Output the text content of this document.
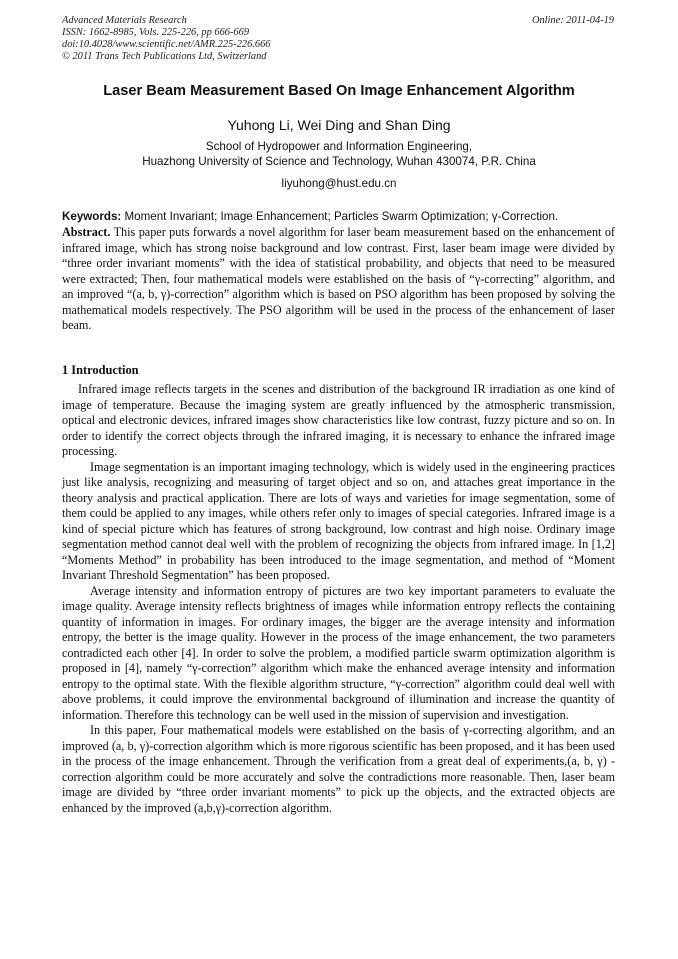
Advanced Materials Research
ISSN: 1662-8985, Vols. 225-226, pp 666-669
doi:10.4028/www.scientific.net/AMR.225-226.666
© 2011 Trans Tech Publications Ltd, Switzerland
Online: 2011-04-19
Laser Beam Measurement Based On Image Enhancement Algorithm
Yuhong Li, Wei Ding and Shan Ding
School of Hydropower and Information Engineering,
Huazhong University of Science and Technology, Wuhan 430074, P.R. China
liyuhong@hust.edu.cn
Keywords: Moment Invariant; Image Enhancement; Particles Swarm Optimization; γ-Correction.

Abstract. This paper puts forwards a novel algorithm for laser beam measurement based on the enhancement of infrared image, which has strong noise background and low contrast. First, laser beam image were divided by “three order invariant moments” with the idea of statistical probability, and objects that need to be measured were extracted; Then, four mathematical models were established on the basis of “γ-correcting” algorithm, and an improved “(a, b, γ)-correction” algorithm which is based on PSO algorithm has been proposed by solving the mathematical models respectively. The PSO algorithm will be used in the process of the enhancement of laser beam.

1 Introduction

Infrared image reflects targets in the scenes and distribution of the background IR irradiation as one kind of image of temperature. Because the imaging system are greatly influenced by the atmospheric transmission, optical and electronic devices, infrared images show characteristics like low contrast, fuzzy picture and so on. In order to identify the correct objects through the infrared imaging, it is necessary to enhance the infrared image processing.

Image segmentation is an important imaging technology, which is widely used in the engineering practices just like analysis, recognizing and measuring of target object and so on, and attaches great importance in the theory analysis and practical application. There are lots of ways and varieties for image segmentation, some of them could be applied to any images, while others refer only to images of special categories. Infrared image is a kind of special picture which has features of strong background, low contrast and high noise. Ordinary image segmentation method cannot deal well with the problem of recognizing the objects from infrared image. In [1,2] “Moments Method” in probability has been introduced to the image segmentation, and method of “Moment Invariant Threshold Segmentation” has been proposed.

Average intensity and information entropy of pictures are two key important parameters to evaluate the image quality. Average intensity reflects brightness of images while information entropy reflects the containing quantity of information in images. For ordinary images, the bigger are the average intensity and information entropy, the better is the image quality. However in the process of the image enhancement, the two parameters contradicted each other [4]. In order to solve the problem, a modified particle swarm optimization algorithm is proposed in [4], namely “γ-correction” algorithm which make the enhanced average intensity and information entropy to the optimal state. With the flexible algorithm structure, “γ-correction” algorithm could deal well with above problems, it could improve the environmental background of illumination and increase the quantity of information. Therefore this technology can be well used in the mission of supervision and investigation.

In this paper, Four mathematical models were established on the basis of γ-correcting algorithm, and an improved (a, b, γ)-correction algorithm which is more rigorous scientific has been proposed, and it has been used in the process of the image enhancement. Through the verification from a great deal of experiments,(a, b, γ) -correction algorithm could be more accurately and solve the contradictions more reasonable. Then, laser beam image are divided by “three order invariant moments” to pick up the objects, and the extracted objects are enhanced by the improved (a,b,γ)-correction algorithm.
